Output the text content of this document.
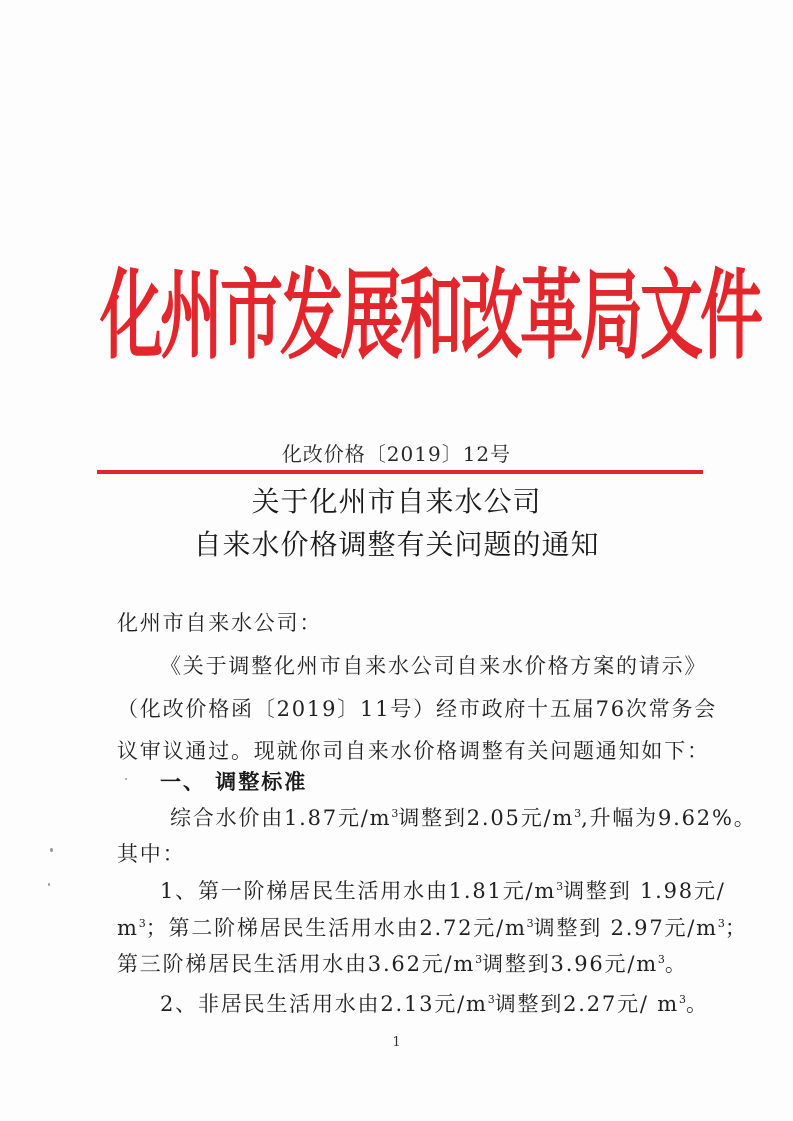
化州市发展和改革局文件
化改价格〔2019〕12号
关于化州市自来水公司
自来水价格调整有关问题的通知
化州市自来水公司：
《关于调整化州市自来水公司自来水价格方案的请示》
（化改价格函〔2019〕11号）经市政府十五届76次常务会
议审议通过。现就你司自来水价格调整有关问题通知如下：
一、 调整标准
综合水价由1.87元$/m^3$调整到2.05元$/m^3$,升幅为9.62%。
其中：
1、第一阶梯居民生活用水由1.81元$/m^3$调整到 1.98元/
$m^3$；第二阶梯居民生活用水由2.72元$/m^3$调整到 2.97元$/m^3$；
第三阶梯居民生活用水由3.62元$/m^3$调整到3.96元$/m^3$。
2、非居民生活用水由2.13元$/m^3$调整到2.27元/ $m^3$。
1
